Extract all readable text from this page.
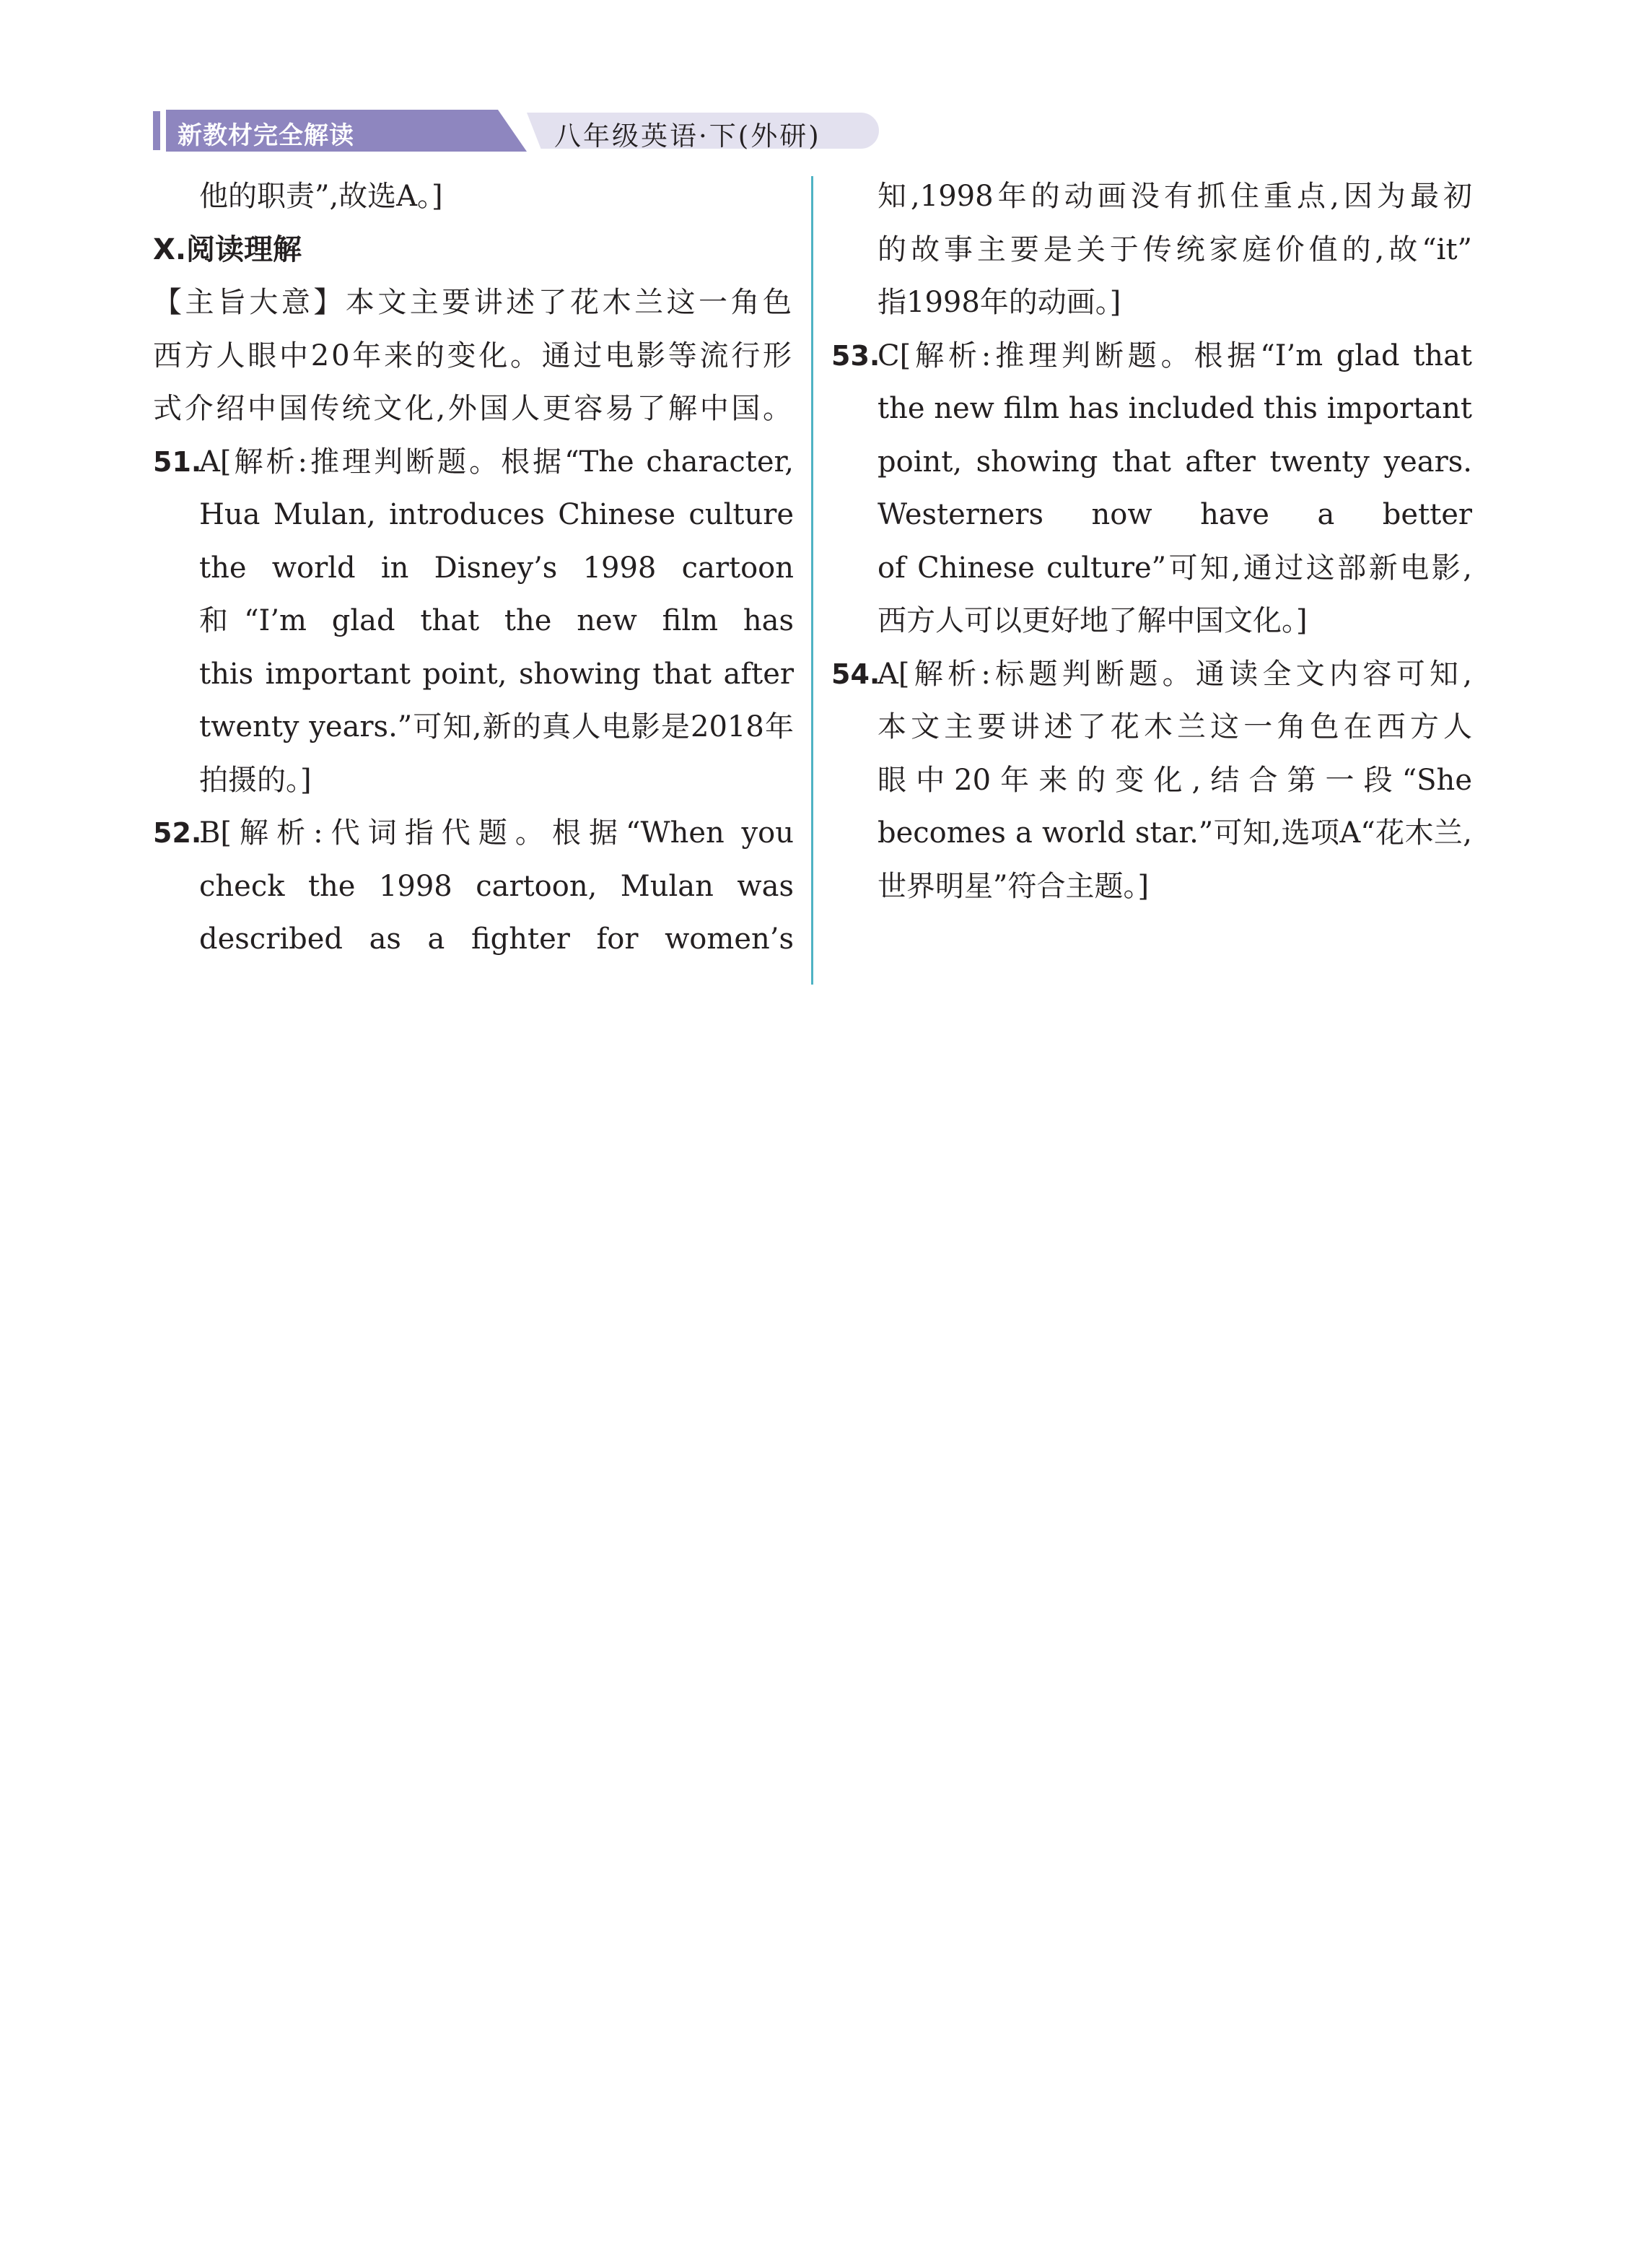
新教材完全解读	八年级英语·下(外研)
他的职责”,故选A。]
X.阅读理解
【主旨大意】本文主要讲述了花木兰这一角色
西方人眼中20年来的变化。通过电影等流行形
式介绍中国传统文化,外国人更容易了解中国。
51.
A[解析:推理判断题。根据“The character,
Hua Mulan, introduces Chinese culture
the world in Disney’s 1998 cartoon
和“I’m glad that the new film has
this important point, showing that after
twenty years.”可知,新的真人电影是2018年
拍摄的。]
52.
B[解析:代词指代题。根据“When you
check the 1998 cartoon, Mulan was
described as a fighter for women’s
知,1998年的动画没有抓住重点,因为最初
的故事主要是关于传统家庭价值的,故“it”
指1998年的动画。]
53.
C[解析:推理判断题。根据“I’m glad that
the new film has included this important
point, showing that after twenty years.
Westerners now have a better
of Chinese culture”可知,通过这部新电影,
西方人可以更好地了解中国文化。]
54.
A[解析:标题判断题。通读全文内容可知,
本文主要讲述了花木兰这一角色在西方人
眼中20年来的变化,结合第一段“She
becomes a world star.”可知,选项A“花木兰,
世界明星”符合主题。]
